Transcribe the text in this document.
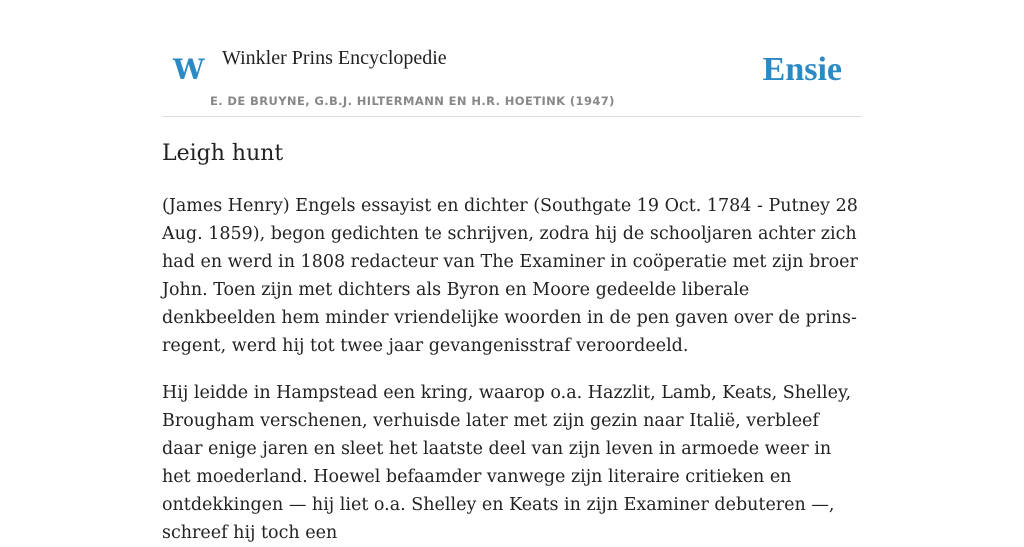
W Winkler Prins Encyclopedie
E. DE BRUYNE, G.B.J. HILTERMANN EN H.R. HOETINK (1947)
Ensie
Leigh hunt

(James Henry) Engels essayist en dichter (Southgate 19 Oct. 1784 - Putney 28 Aug. 1859), begon gedichten te schrijven, zodra hij de schooljaren achter zich had en werd in 1808 redacteur van The Examiner in coöperatie met zijn broer John. Toen zijn met dichters als Byron en Moore gedeelde liberale denkbeelden hem minder vriendelijke woorden in de pen gaven over de prins-regent, werd hij tot twee jaar gevangenisstraf veroordeeld.

Hij leidde in Hampstead een kring, waarop o.a. Hazzlit, Lamb, Keats, Shelley, Brougham verschenen, verhuisde later met zijn gezin naar Italië, verbleef daar enige jaren en sleet het laatste deel van zijn leven in armoede weer in het moederland. Hoewel befaamder vanwege zijn literaire critieken en ontdekkingen — hij liet o.a. Shelley en Keats in zijn Examiner debuteren —, schreef hij toch een
